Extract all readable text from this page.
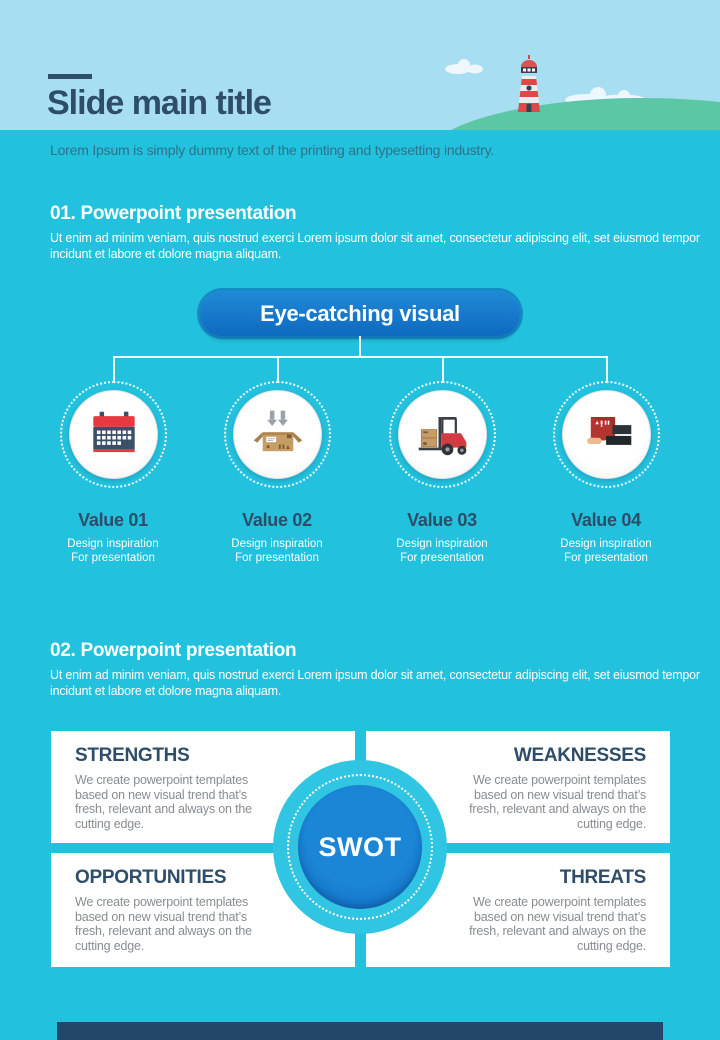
Slide main title
Lorem Ipsum is simply dummy text of the printing and typesetting industry.
01. Powerpoint presentation
Ut enim ad minim veniam, quis nostrud exerci Lorem ipsum dolor sit amet, consectetur adipiscing elit, set eiusmod tempor incidunt et labore et dolore magna aliquam.
Eye-catching visual
Value 01
Design inspiration
For presentation
Value 02
Design inspiration
For presentation
Value 03
Design inspiration
For presentation
Value 04
Design inspiration
For presentation
02. Powerpoint presentation
Ut enim ad minim veniam, quis nostrud exerci Lorem ipsum dolor sit amet, consectetur adipiscing elit, set eiusmod tempor incidunt et labore et dolore magna aliquam.
STRENGTHS

We create powerpoint templates based on new visual trend that’s fresh, relevant and always on the cutting edge.

WEAKNESSES

We create powerpoint templates based on new visual trend that’s fresh, relevant and always on the cutting edge.

OPPORTUNITIES

We create powerpoint templates based on new visual trend that’s fresh, relevant and always on the cutting edge.

THREATS

We create powerpoint templates based on new visual trend that’s fresh, relevant and always on the cutting edge.

SWOT
